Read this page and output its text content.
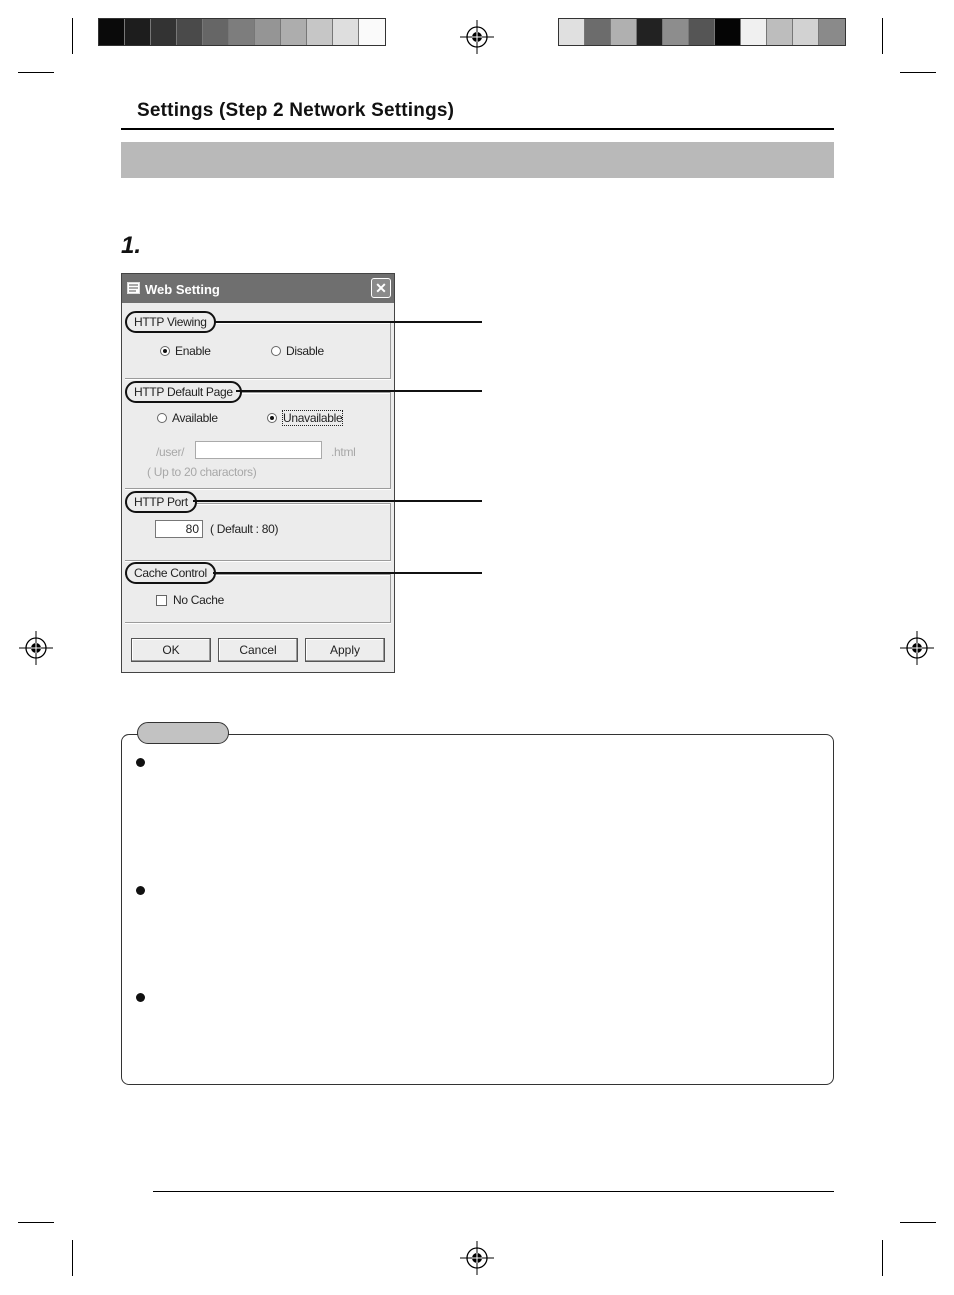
Settings (Step 2 Network Settings)
1.
Web Setting	✕
HTTP Viewing
Enable	Disable
HTTP Default Page
Available	Unavailable
/user/	.html
( Up to 20 charactors)
HTTP Port
80 ( Default : 80)
Cache Control
No Cache
OK	Cancel	Apply
